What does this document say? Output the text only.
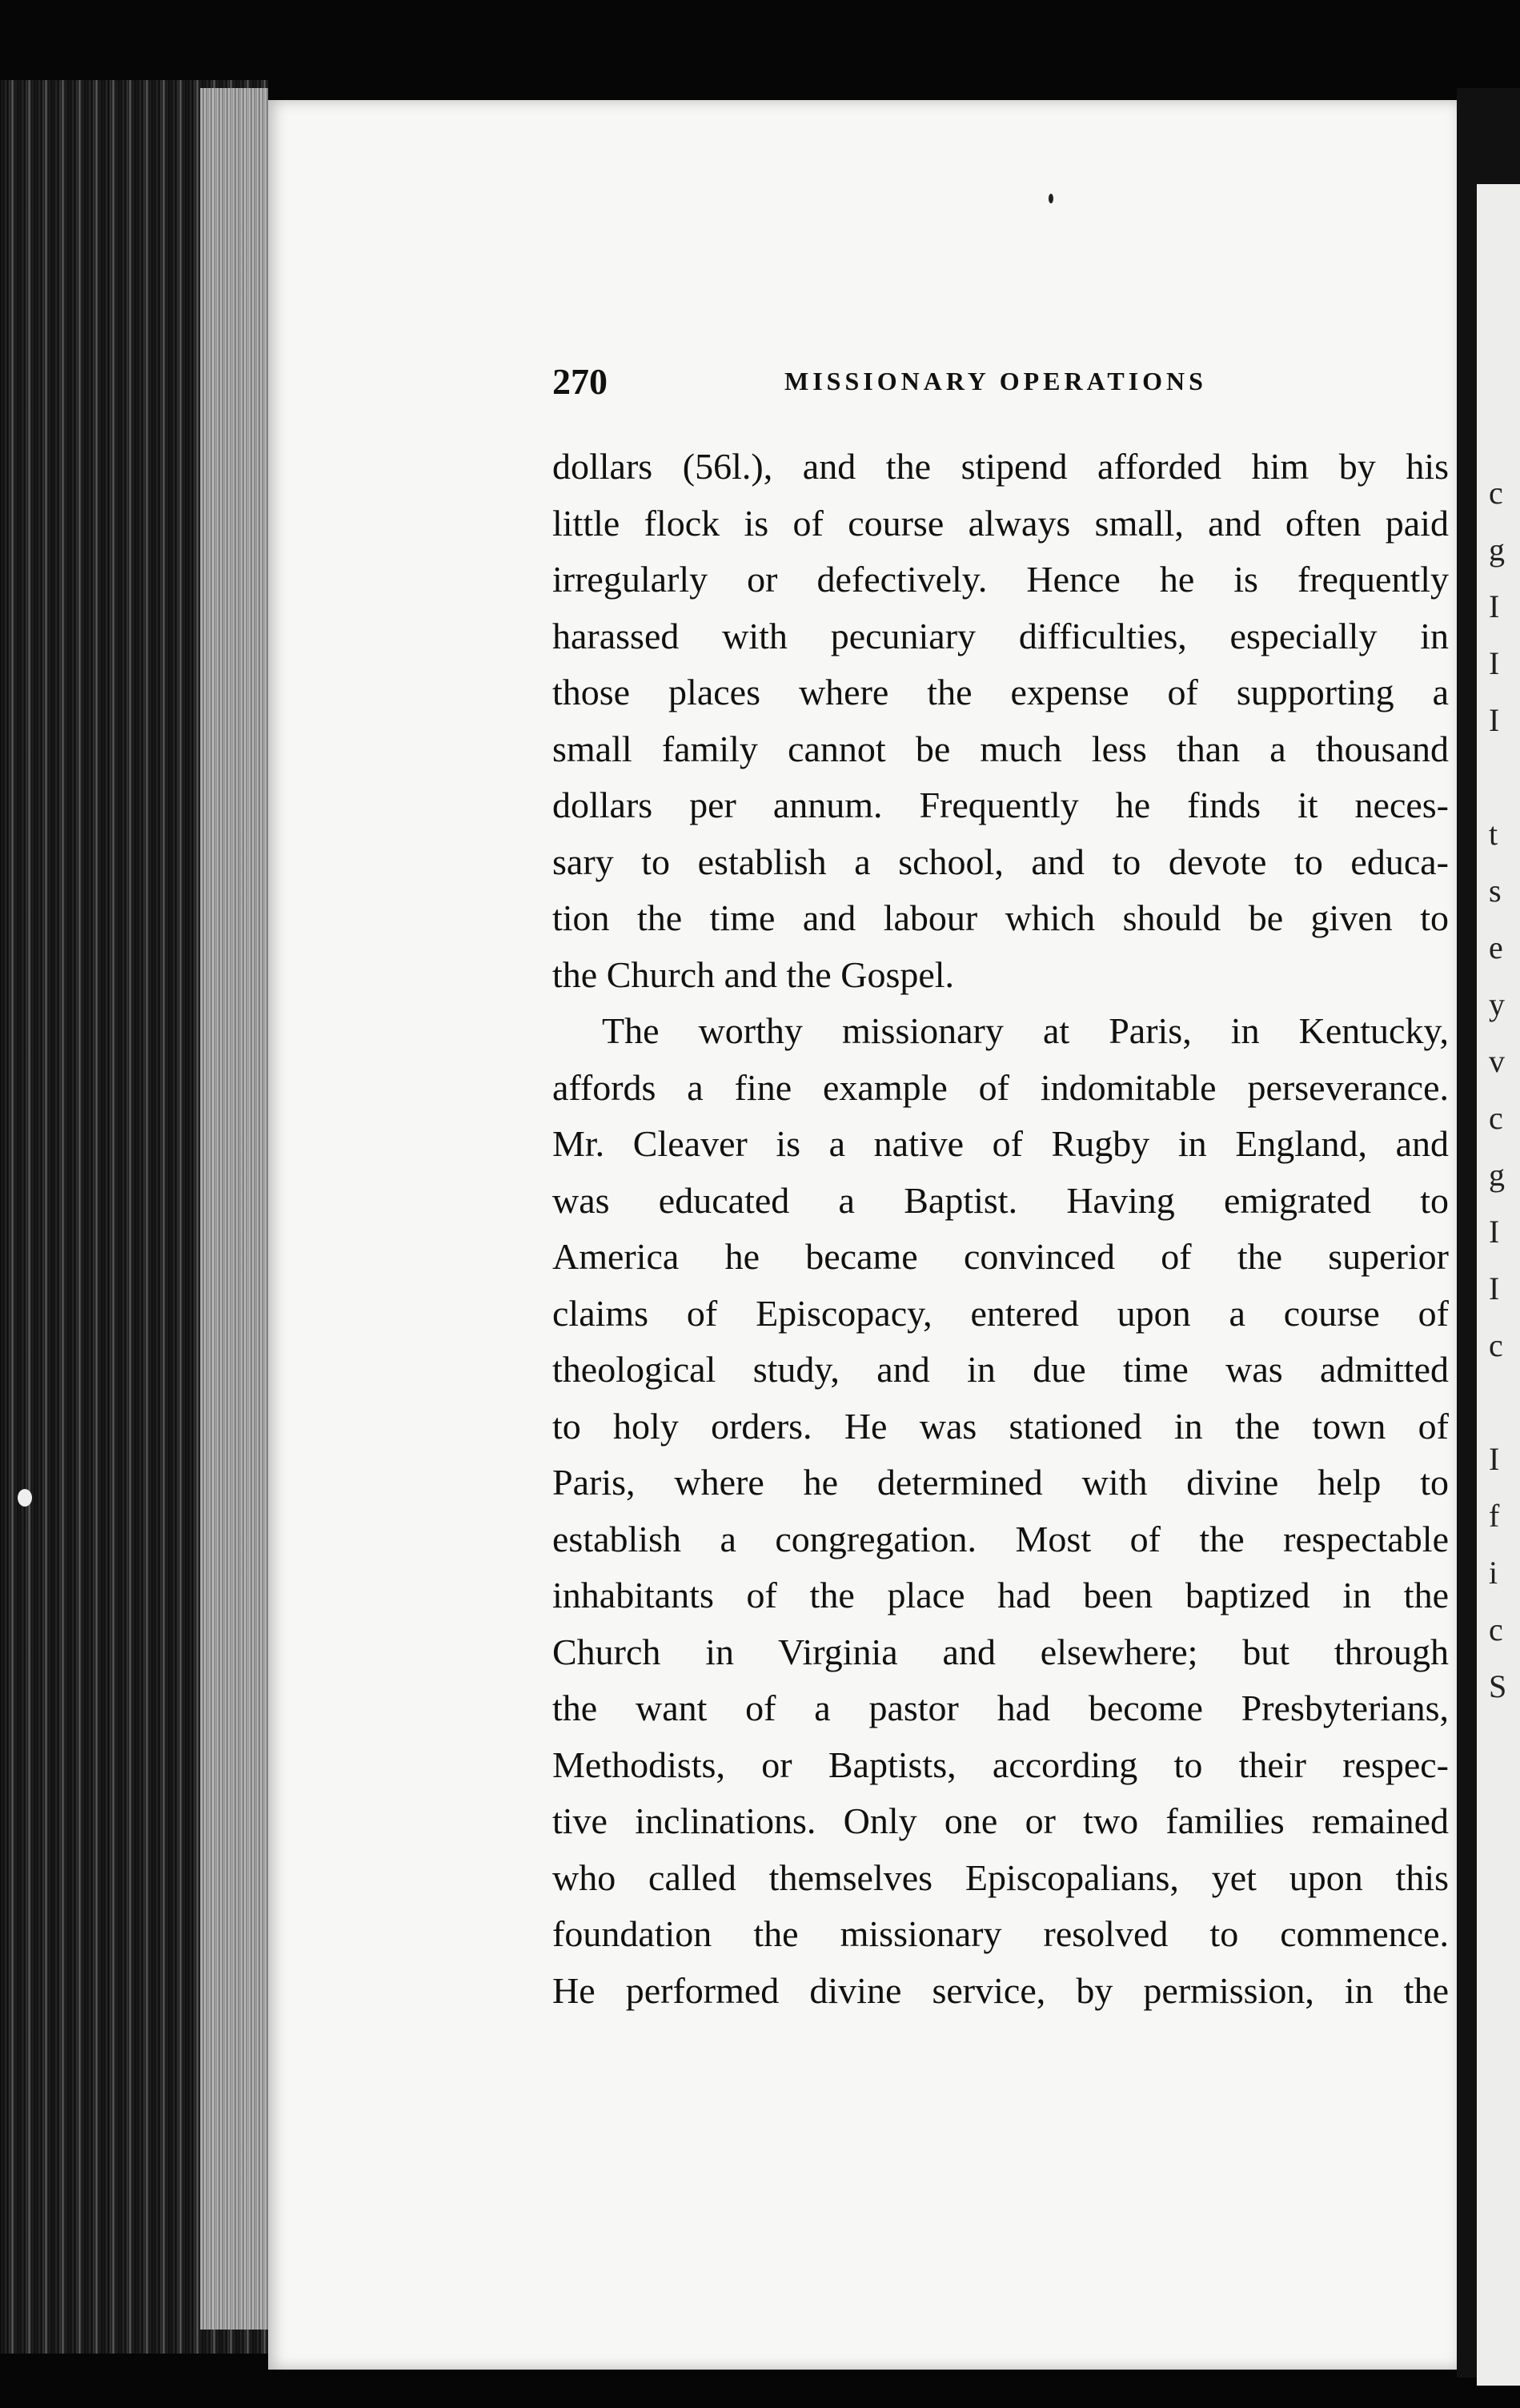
c
g
I
I
I

t
s
e
y
v
c
g
I
I
c

I
f
i
c
S
270	MISSIONARY OPERATIONS
dollars (56l.), and the stipend afforded him by his
little flock is of course always small, and often paid
irregularly or defectively. Hence he is frequently
harassed with pecuniary difficulties, especially in
those places where the expense of supporting a
small family cannot be much less than a thousand
dollars per annum. Frequently he finds it neces-
sary to establish a school, and to devote to educa-
tion the time and labour which should be given to
the Church and the Gospel.
The worthy missionary at Paris, in Kentucky,
affords a fine example of indomitable perseverance.
Mr. Cleaver is a native of Rugby in England, and
was educated a Baptist. Having emigrated to
America he became convinced of the superior
claims of Episcopacy, entered upon a course of
theological study, and in due time was admitted
to holy orders. He was stationed in the town of
Paris, where he determined with divine help to
establish a congregation. Most of the respectable
inhabitants of the place had been baptized in the
Church in Virginia and elsewhere; but through
the want of a pastor had become Presbyterians,
Methodists, or Baptists, according to their respec-
tive inclinations. Only one or two families remained
who called themselves Episcopalians, yet upon this
foundation the missionary resolved to commence.
He performed divine service, by permission, in the
